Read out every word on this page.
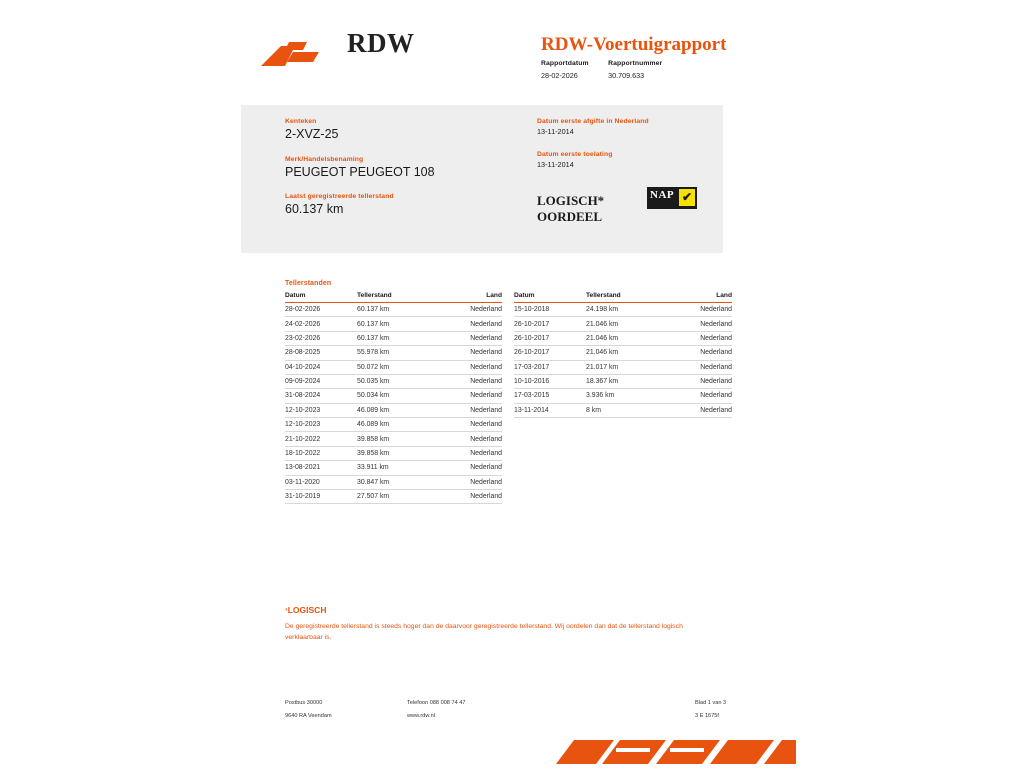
RDW	RDW-Voertuigrapport
Rapportdatum
28-02-2026

Rapportnummer
30.709.633
Kenteken
2-XVZ-25
Merk/Handelsbenaming
PEUGEOT PEUGEOT 108
Laatst geregistreerde tellerstand
60.137 km
Datum eerste afgifte in Nederland
13-11-2014
Datum eerste toelating
13-11-2014
LOGISCH*
OORDEEL
NAP ✔
Tellerstanden
Datum	Tellerstand	Land
28-02-2026	60.137 km	Nederland
24-02-2026	60.137 km	Nederland
23-02-2026	60.137 km	Nederland
28-08-2025	55.978 km	Nederland
04-10-2024	50.072 km	Nederland
09-09-2024	50.035 km	Nederland
31-08-2024	50.034 km	Nederland
12-10-2023	46.089 km	Nederland
12-10-2023	46.089 km	Nederland
21-10-2022	39.858 km	Nederland
18-10-2022	39.858 km	Nederland
13-08-2021	33.911 km	Nederland
03-11-2020	30.847 km	Nederland
31-10-2019	27.507 km	Nederland
Datum	Tellerstand	Land
15-10-2018	24.198 km	Nederland
26-10-2017	21.046 km	Nederland
26-10-2017	21.046 km	Nederland
26-10-2017	21.046 km	Nederland
17-03-2017	21.017 km	Nederland
10-10-2016	18.367 km	Nederland
17-03-2015	3.936 km	Nederland
13-11-2014	8 km	Nederland
*LOGISCH
De geregistreerde tellerstand is steeds hoger dan de daarvoor geregistreerde tellerstand. Wij oordelen dan dat de tellerstand logisch verklaarbaar is.
Postbus 30000
9640 RA Veendam
Telefoon 088 008 74 47
www.rdw.nl
Blad 1 van 3
3 E 1675f
